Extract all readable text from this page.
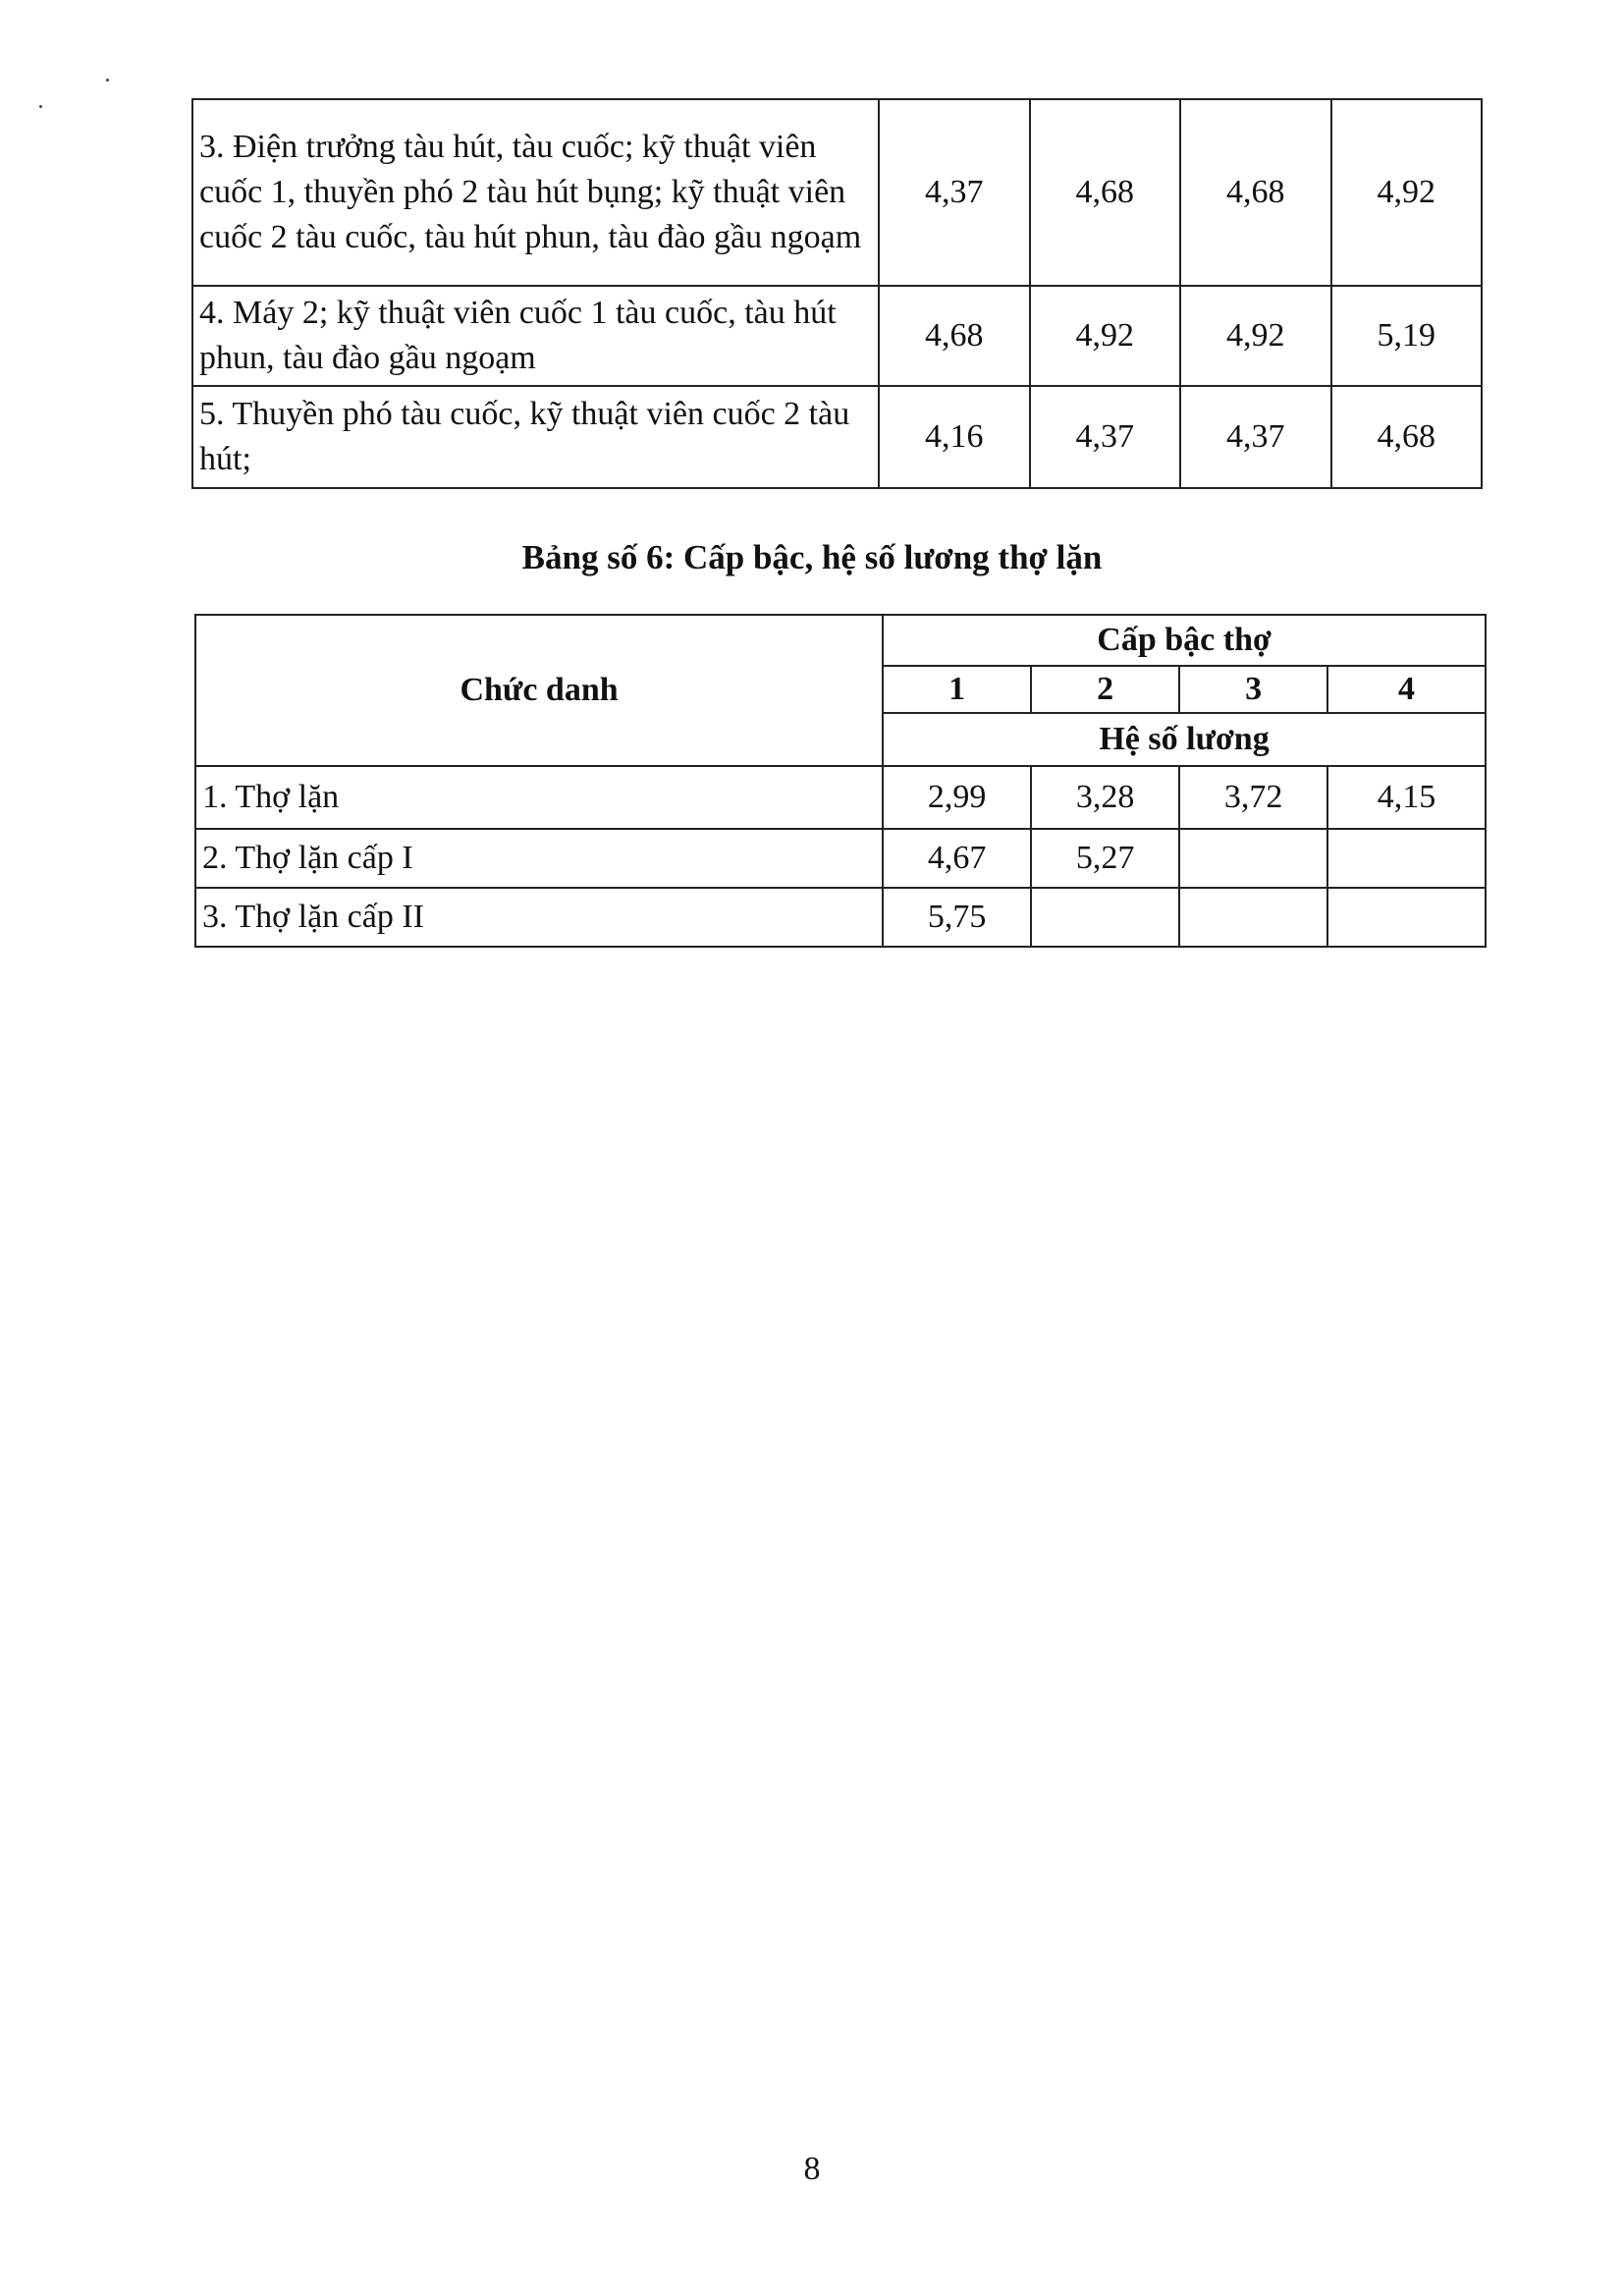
3. Điện trưởng tàu hút, tàu cuốc; kỹ thuật viên cuốc 1, thuyền phó 2 tàu hút bụng; kỹ thuật viên cuốc 2 tàu cuốc, tàu hút phun, tàu đào gầu ngoạm	4,37	4,68	4,68	4,92
4. Máy 2; kỹ thuật viên cuốc 1 tàu cuốc, tàu hút phun, tàu đào gầu ngoạm	4,68	4,92	4,92	5,19
5. Thuyền phó tàu cuốc, kỹ thuật viên cuốc 2 tàu hút;	4,16	4,37	4,37	4,68
Bảng số 6: Cấp bậc, hệ số lương thợ lặn
Chức danh	Cấp bậc thợ			
	1	2	3	4
	Hệ số lương			
1. Thợ lặn	2,99	3,28	3,72	4,15
2. Thợ lặn cấp I	4,67	5,27		
3. Thợ lặn cấp II	5,75			
8
